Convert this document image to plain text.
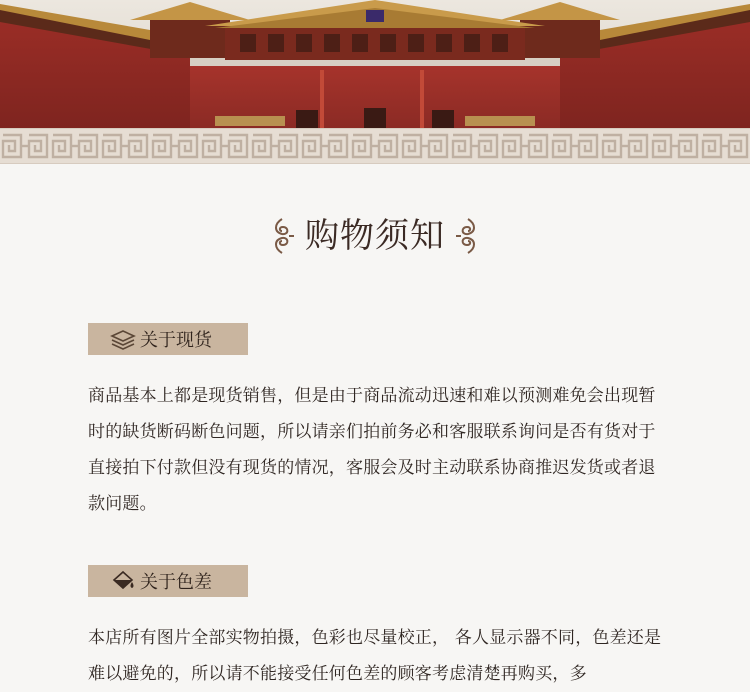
购物须知
关于现货
商品基本上都是现货销售，但是由于商品流动迅速和难以预测难免会出现暂时的缺货断码断色问题，所以请亲们拍前务必和客服联系询问是否有货对于直接拍下付款但没有现货的情况，客服会及时主动联系协商推迟发货或者退款问题。
关于色差
本店所有图片全部实物拍摄，色彩也尽量校正， 各人显示器不同，色差还是难以避免的，所以请不能接受任何色差的顾客考虑清楚再购买，多
